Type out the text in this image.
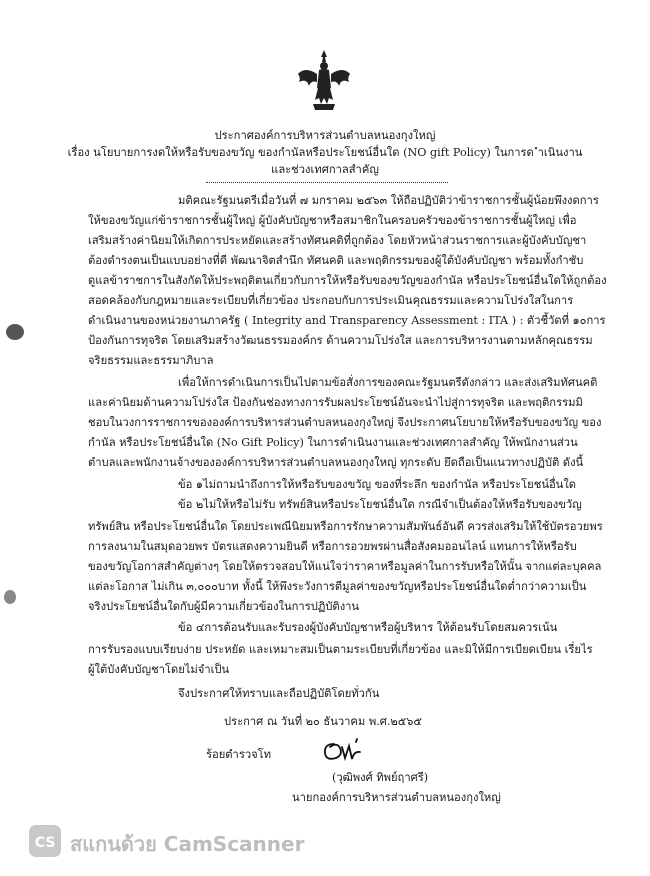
ประกาศองค์การบริหารส่วนตำบลหนองกุงใหญ่
เรื่อง นโยบายการงดให้หรือรับของขวัญ ของกำนัลหรือประโยชน์อื่นใด (NO gift Policy) ในการด ำเนินงาน
และช่วงเทศกาลสำคัญ
มติคณะรัฐมนตรีเมื่อวันที่ ๗ มกราคม ๒๕๖๓ ให้ถือปฏิบัติว่าข้าราชการชั้นผู้น้อยพึงงดการ
ให้ของขวัญแก่ข้าราชการชั้นผู้ใหญ่ ผู้บังคับบัญชาหรือสมาชิกในครอบครัวของข้าราชการชั้นผู้ใหญ่ เพื่อ
เสริมสร้างค่านิยมให้เกิดการประหยัดและสร้างทัศนคติที่ถูกต้อง โดยหัวหน้าส่วนราชการและผู้บังคับบัญชา
ต้องดำรงตนเป็นแบบอย่างที่ดี พัฒนาจิตสำนึก ทัศนคติ และพฤติกรรมของผู้ใต้บังคับบัญชา พร้อมทั้งกำชับ
ดูแลข้าราชการในสังกัดให้ประพฤติตนเกี่ยวกับการให้หรือรับของขวัญของกำนัล หรือประโยชน์อื่นใดให้ถูกต้อง
สอดคล้องกับกฎหมายและระเบียบที่เกี่ยวข้อง ประกอบกับการประเมินคุณธรรมและความโปร่งใสในการ
ดำเนินงานของหน่วยงานภาครัฐ ( Integrity and Transparency Assessment : ITA ) : ตัวชี้วัดที่ ๑๐การ
ป้องกันการทุจริต โดยเสริมสร้างวัฒนธรรมองค์กร ด้านความโปร่งใส และการบริหารงานตามหลักคุณธรรม
จริยธรรมและธรรมาภิบาล
เพื่อให้การดำเนินการเป็นไปตามข้อสั่งการของคณะรัฐมนตรีดังกล่าว และส่งเสริมทัศนคติ
และค่านิยมด้านความโปร่งใส ป้องกันช่องทางการรับผลประโยชน์อันจะนำไปสู่การทุจริต และพฤติกรรมมิ
ชอบในวงการราชการขององค์การบริหารส่วนตำบลหนองกุงใหญ่ จึงประกาศนโยบายให้หรือรับของขวัญ ของ
กำนัล หรือประโยชน์อื่นใด (No Gift Policy) ในการดำเนินงานและช่วงเทศกาลสำคัญ ให้พนักงานส่วน
ตำบลและพนักงานจ้างขององค์การบริหารส่วนตำบลหนองกุงใหญ่ ทุกระดับ ยึดถือเป็นแนวทางปฏิบัติ ดังนี้
ข้อ ๑ไม่ถามนำถึงการให้หรือรับของขวัญ ของที่ระลึก ของกำนัล หรือประโยชน์อื่นใด
ข้อ ๒ไม่ให้หรือไม่รับ ทรัพย์สินหรือประโยชน์อื่นใด กรณีจำเป็นต้องให้หรือรับของขวัญ
ทรัพย์สิน หรือประโยชน์อื่นใด โดยประเพณีนิยมหรือการรักษาความสัมพันธ์อันดี ควรส่งเสริมให้ใช้บัตรอวยพร
การลงนามในสมุดอวยพร บัตรแสดงความยินดี หรือการอวยพรผ่านสื่อสังคมออนไลน์ แทนการให้หรือรับ
ของขวัญโอกาสสำคัญต่างๆ โดยให้ตรวจสอบให้แน่ใจว่าราคาหรือมูลค่าในการรับหรือให้นั้น จากแต่ละบุคคล
แต่ละโอกาส ไม่เกิน ๓,๐๐๐บาท ทั้งนี้ ให้พึงระวังการตีมูลค่าของขวัญหรือประโยชน์อื่นใดต่ำกว่าความเป็น
จริงประโยชน์อื่นใดกับผู้มีความเกี่ยวข้องในการปฏิบัติงาน
ข้อ ๔การต้อนรับและรับรองผู้บังคับบัญชาหรือผู้บริหาร ให้ต้อนรับโดยสมควรเน้น
การรับรองแบบเรียบง่าย ประหยัด และเหมาะสมเป็นตามระเบียบที่เกี่ยวข้อง และมิให้มีการเบียดเบียน เรี่ยไร
ผู้ใต้บังคับบัญชาโดยไม่จำเป็น
จึงประกาศให้ทราบและถือปฏิบัติโดยทั่วกัน
ประกาศ ณ วันที่ ๒๐ ธันวาคม พ.ศ.๒๕๖๕
ร้อยตำรวจโท
(วุฒิพงศ์ ทิพย์ฤาศรี)
นายกองค์การบริหารส่วนตำบลหนองกุงใหญ่
CS สแกนด้วย CamScanner
